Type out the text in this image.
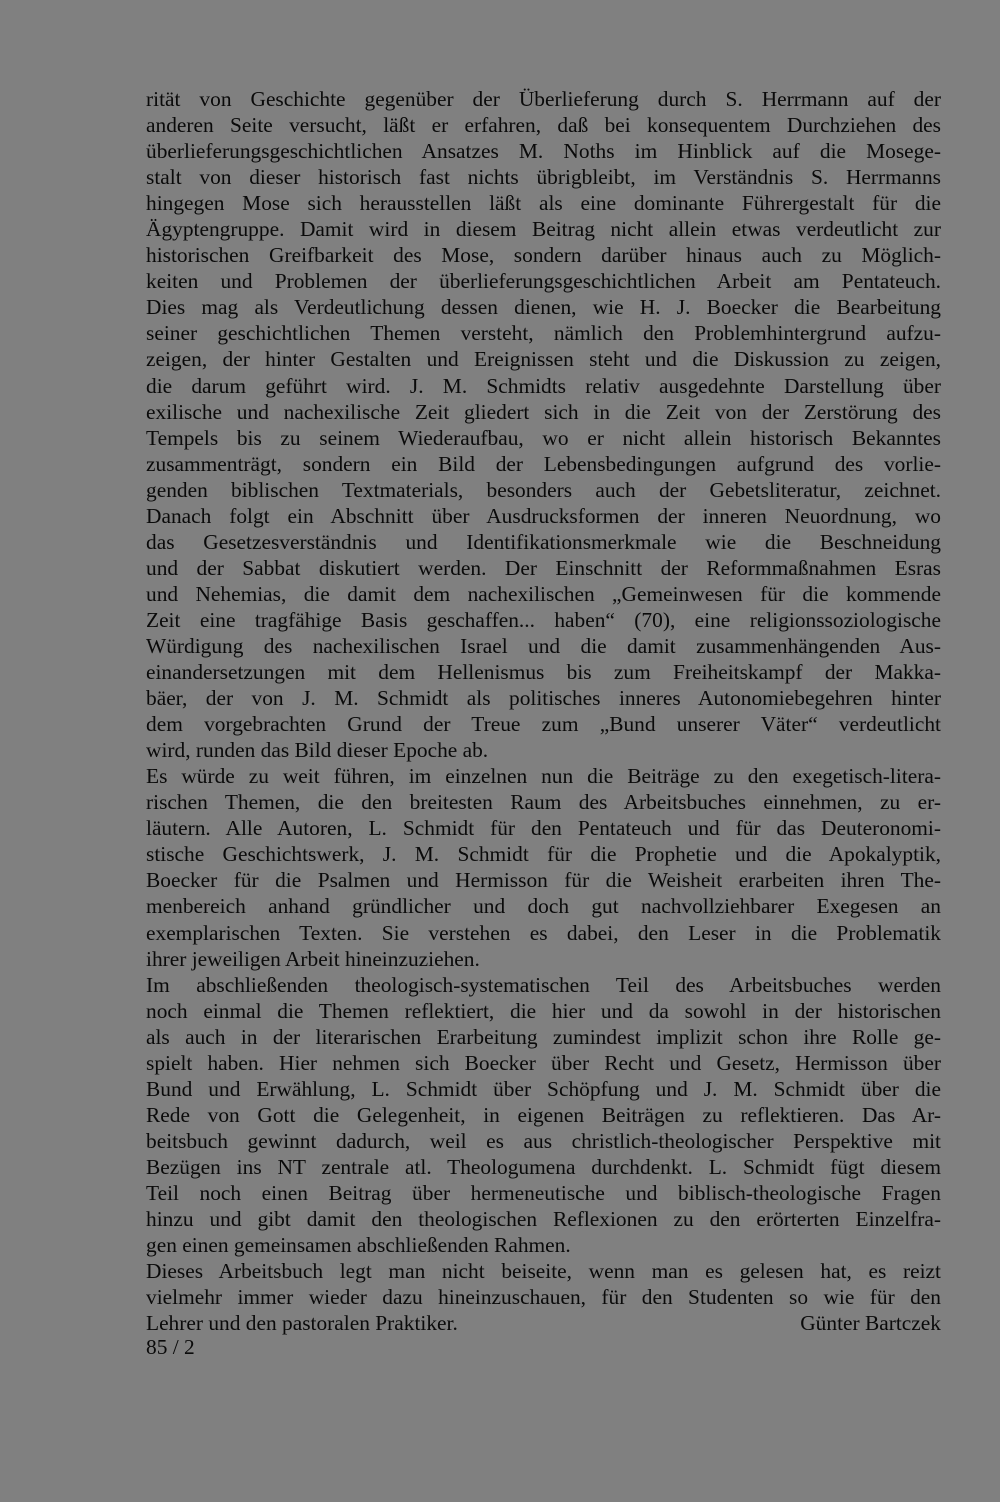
rität von Geschichte gegenüber der Überlieferung durch S. Herrmann auf der
anderen Seite versucht, läßt er erfahren, daß bei konsequentem Durchziehen des
überlieferungsgeschichtlichen Ansatzes M. Noths im Hinblick auf die Mosege-
stalt von dieser historisch fast nichts übrigbleibt, im Verständnis S. Herrmanns
hingegen Mose sich herausstellen läßt als eine dominante Führergestalt für die
Ägyptengruppe. Damit wird in diesem Beitrag nicht allein etwas verdeutlicht zur
historischen Greifbarkeit des Mose, sondern darüber hinaus auch zu Möglich-
keiten und Problemen der überlieferungsgeschichtlichen Arbeit am Pentateuch.
Dies mag als Verdeutlichung dessen dienen, wie H. J. Boecker die Bearbeitung
seiner geschichtlichen Themen versteht, nämlich den Problemhintergrund aufzu-
zeigen, der hinter Gestalten und Ereignissen steht und die Diskussion zu zeigen,
die darum geführt wird. J. M. Schmidts relativ ausgedehnte Darstellung über
exilische und nachexilische Zeit gliedert sich in die Zeit von der Zerstörung des
Tempels bis zu seinem Wiederaufbau, wo er nicht allein historisch Bekanntes
zusammenträgt, sondern ein Bild der Lebensbedingungen aufgrund des vorlie-
genden biblischen Textmaterials, besonders auch der Gebetsliteratur, zeichnet.
Danach folgt ein Abschnitt über Ausdrucksformen der inneren Neuordnung, wo
das Gesetzesverständnis und Identifikationsmerkmale wie die Beschneidung
und der Sabbat diskutiert werden. Der Einschnitt der Reformmaßnahmen Esras
und Nehemias, die damit dem nachexilischen „Gemeinwesen für die kommende
Zeit eine tragfähige Basis geschaffen... haben“ (70), eine religionssoziologische
Würdigung des nachexilischen Israel und die damit zusammenhängenden Aus-
einandersetzungen mit dem Hellenismus bis zum Freiheitskampf der Makka-
bäer, der von J. M. Schmidt als politisches inneres Autonomiebegehren hinter
dem vorgebrachten Grund der Treue zum „Bund unserer Väter“ verdeutlicht
wird, runden das Bild dieser Epoche ab.

Es würde zu weit führen, im einzelnen nun die Beiträge zu den exegetisch-litera-
rischen Themen, die den breitesten Raum des Arbeitsbuches einnehmen, zu er-
läutern. Alle Autoren, L. Schmidt für den Pentateuch und für das Deuteronomi-
stische Geschichtswerk, J. M. Schmidt für die Prophetie und die Apokalyptik,
Boecker für die Psalmen und Hermisson für die Weisheit erarbeiten ihren The-
menbereich anhand gründlicher und doch gut nachvollziehbarer Exegesen an
exemplarischen Texten. Sie verstehen es dabei, den Leser in die Problematik
ihrer jeweiligen Arbeit hineinzuziehen.

Im abschließenden theologisch-systematischen Teil des Arbeitsbuches werden
noch einmal die Themen reflektiert, die hier und da sowohl in der historischen
als auch in der literarischen Erarbeitung zumindest implizit schon ihre Rolle ge-
spielt haben. Hier nehmen sich Boecker über Recht und Gesetz, Hermisson über
Bund und Erwählung, L. Schmidt über Schöpfung und J. M. Schmidt über die
Rede von Gott die Gelegenheit, in eigenen Beiträgen zu reflektieren. Das Ar-
beitsbuch gewinnt dadurch, weil es aus christlich-theologischer Perspektive mit
Bezügen ins NT zentrale atl. Theologumena durchdenkt. L. Schmidt fügt diesem
Teil noch einen Beitrag über hermeneutische und biblisch-theologische Fragen
hinzu und gibt damit den theologischen Reflexionen zu den erörterten Einzelfra-
gen einen gemeinsamen abschließenden Rahmen.

Dieses Arbeitsbuch legt man nicht beiseite, wenn man es gelesen hat, es reizt
vielmehr immer wieder dazu hineinzuschauen, für den Studenten so wie für den
Lehrer und den pastoralen Praktiker.	Günter Bartczek

85 / 2
